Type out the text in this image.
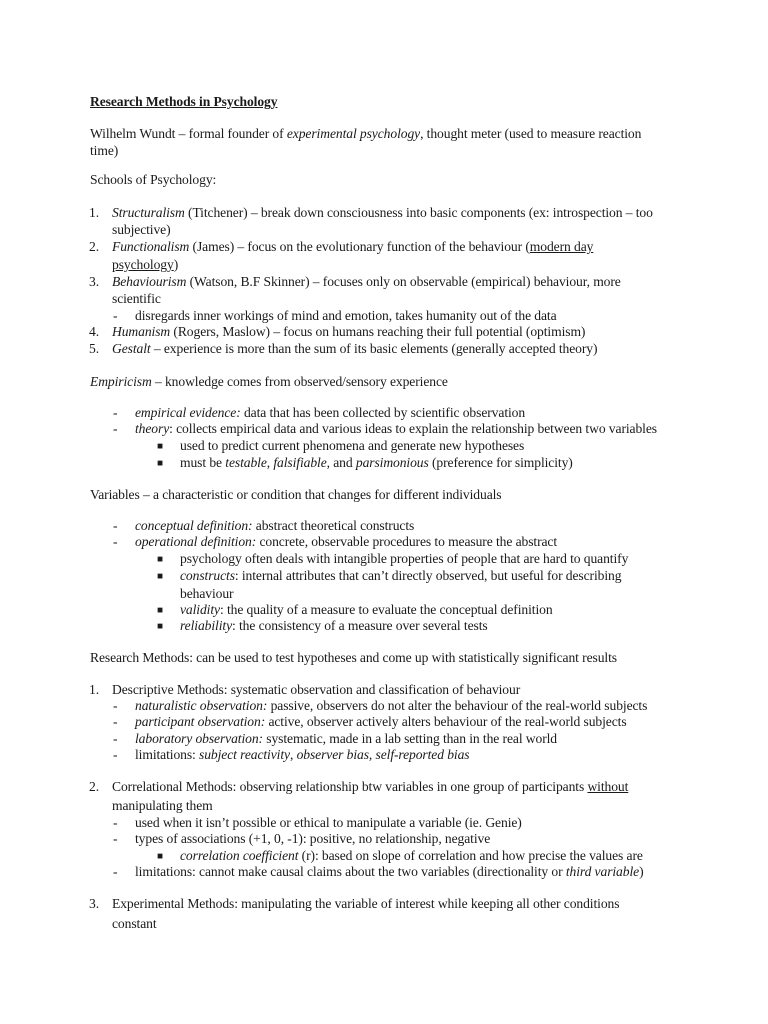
Research Methods in Psychology
Wilhelm Wundt – formal founder of experimental psychology, thought meter (used to measure reaction
time)
Schools of Psychology:
1. Structuralism (Titchener) – break down consciousness into basic components (ex: introspection – too
subjective)
2. Functionalism (James) – focus on the evolutionary function of the behaviour (modern day
psychology)
3. Behaviourism (Watson, B.F Skinner) – focuses only on observable (empirical) behaviour, more
scientific
- disregards inner workings of mind and emotion, takes humanity out of the data
4. Humanism (Rogers, Maslow) – focus on humans reaching their full potential (optimism)
5. Gestalt – experience is more than the sum of its basic elements (generally accepted theory)
Empiricism – knowledge comes from observed/sensory experience
- empirical evidence: data that has been collected by scientific observation
- theory: collects empirical data and various ideas to explain the relationship between two variables
■ used to predict current phenomena and generate new hypotheses
■ must be testable, falsifiable, and parsimonious (preference for simplicity)
Variables – a characteristic or condition that changes for different individuals
- conceptual definition: abstract theoretical constructs
- operational definition: concrete, observable procedures to measure the abstract
■ psychology often deals with intangible properties of people that are hard to quantify
■ constructs: internal attributes that can’t directly observed, but useful for describing
behaviour
■ validity: the quality of a measure to evaluate the conceptual definition
■ reliability: the consistency of a measure over several tests
Research Methods: can be used to test hypotheses and come up with statistically significant results
1. Descriptive Methods: systematic observation and classification of behaviour
- naturalistic observation: passive, observers do not alter the behaviour of the real-world subjects
- participant observation: active, observer actively alters behaviour of the real-world subjects
- laboratory observation: systematic, made in a lab setting than in the real world
- limitations: subject reactivity, observer bias, self-reported bias
2. Correlational Methods: observing relationship btw variables in one group of participants without
manipulating them
- used when it isn’t possible or ethical to manipulate a variable (ie. Genie)
- types of associations (+1, 0, -1): positive, no relationship, negative
■ correlation coefficient (r): based on slope of correlation and how precise the values are
- limitations: cannot make causal claims about the two variables (directionality or third variable)
3. Experimental Methods: manipulating the variable of interest while keeping all other conditions
constant
